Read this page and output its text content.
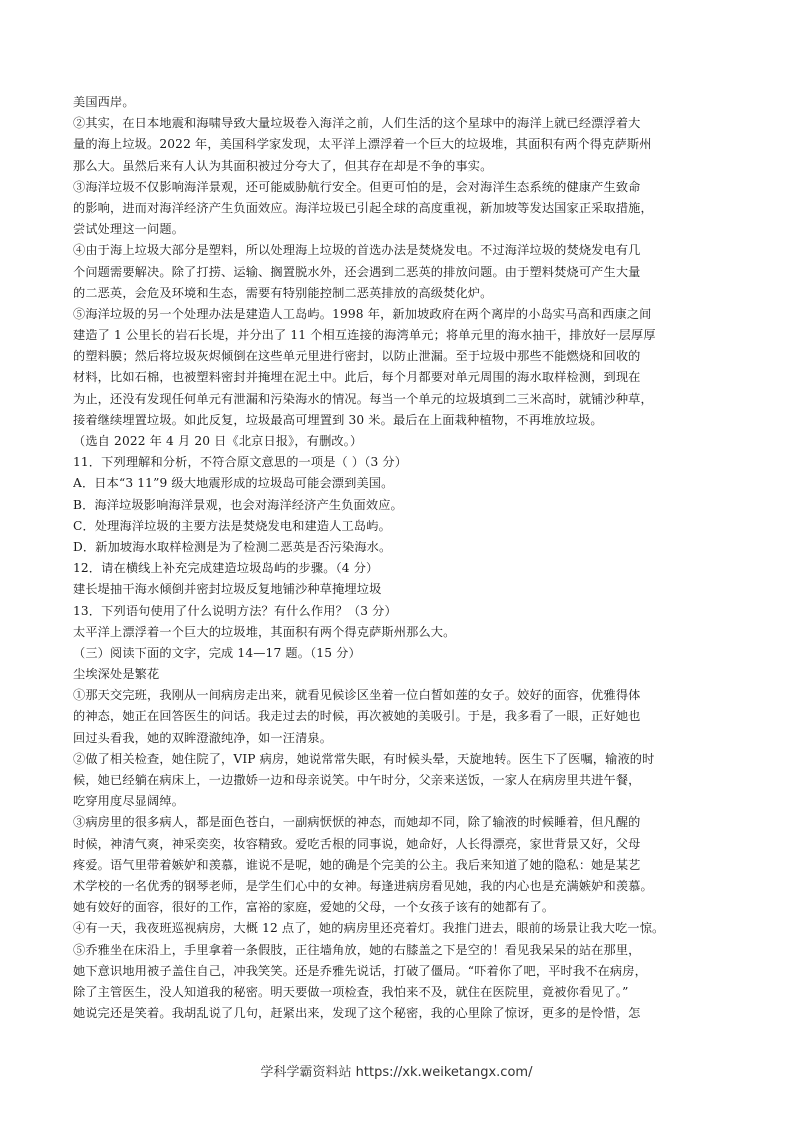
美国西岸。
②其实，在日本地震和海啸导致大量垃圾卷入海洋之前，人们生活的这个星球中的海洋上就已经漂浮着大
量的海上垃圾。2022 年，美国科学家发现，太平洋上漂浮着一个巨大的垃圾堆，其面积有两个得克萨斯州
那么大。虽然后来有人认为其面积被过分夸大了，但其存在却是不争的事实。
③海洋垃圾不仅影响海洋景观，还可能威胁航行安全。但更可怕的是，会对海洋生态系统的健康产生致命
的影响，进而对海洋经济产生负面效应。海洋垃圾已引起全球的高度重视，新加坡等发达国家正采取措施，
尝试处理这一问题。
④由于海上垃圾大部分是塑料，所以处理海上垃圾的首选办法是焚烧发电。不过海洋垃圾的焚烧发电有几
个问题需要解决。除了打捞、运输、搁置脱水外，还会遇到二恶英的排放问题。由于塑料焚烧可产生大量
的二恶英，会危及环境和生态，需要有特别能控制二恶英排放的高级焚化炉。
⑤海洋垃圾的另一个处理办法是建造人工岛屿。1998 年，新加坡政府在两个离岸的小岛实马高和西康之间
建造了 1 公里长的岩石长堤，并分出了 11 个相互连接的海湾单元；将单元里的海水抽干，排放好一层厚厚
的塑料膜；然后将垃圾灰烬倾倒在这些单元里进行密封，以防止泄漏。至于垃圾中那些不能燃烧和回收的
材料，比如石棉，也被塑料密封并掩埋在泥土中。此后，每个月都要对单元周围的海水取样检测，到现在
为止，还没有发现任何单元有泄漏和污染海水的情况。每当一个单元的垃圾填到二三米高时，就铺沙种草，
接着继续埋置垃圾。如此反复，垃圾最高可埋置到 30 米。最后在上面栽种植物，不再堆放垃圾。
（选自 2022 年 4 月 20 日《北京日报》，有删改。）
11．下列理解和分析，不符合原文意思的一项是（ ）（3 分）
A．日本“3 11”9 级大地震形成的垃圾岛可能会漂到美国。
B．海洋垃圾影响海洋景观，也会对海洋经济产生负面效应。
C．处理海洋垃圾的主要方法是焚烧发电和建造人工岛屿。
D．新加坡海水取样检测是为了检测二恶英是否污染海水。
12．请在横线上补充完成建造垃圾岛屿的步骤。（4 分）
建长堤抽干海水倾倒并密封垃圾反复地铺沙种草掩埋垃圾
13．下列语句使用了什么说明方法？有什么作用？（3 分）
太平洋上漂浮着一个巨大的垃圾堆，其面积有两个得克萨斯州那么大。
（三）阅读下面的文字，完成 14—17 题。（15 分）
尘埃深处是繁花
①那天交完班，我刚从一间病房走出来，就看见候诊区坐着一位白皙如莲的女子。姣好的面容，优雅得体
的神态，她正在回答医生的问话。我走过去的时候，再次被她的美吸引。于是，我多看了一眼，正好她也
回过头看我，她的双眸澄澈纯净，如一汪清泉。
②做了相关检查，她住院了，VIP 病房，她说常常失眠，有时候头晕，天旋地转。医生下了医嘱，输液的时
候，她已经躺在病床上，一边撒娇一边和母亲说笑。中午时分，父亲来送饭，一家人在病房里共进午餐，
吃穿用度尽显阔绰。
③病房里的很多病人，都是面色苍白，一副病恹恹的神态，而她却不同，除了输液的时候睡着，但凡醒的
时候，神清气爽，神采奕奕，妆容精致。爱吃舌根的同事说，她命好，人长得漂亮，家世背景又好，父母
疼爱。语气里带着嫉妒和羡慕，谁说不是呢，她的确是个完美的公主。我后来知道了她的隐私：她是某艺
术学校的一名优秀的钢琴老师，是学生们心中的女神。每逢进病房看见她，我的内心也是充满嫉妒和羡慕。
她有姣好的面容，很好的工作，富裕的家庭，爱她的父母，一个女孩子该有的她都有了。
④有一天，我夜班巡视病房，大概 12 点了，她的病房里还亮着灯。我推门进去，眼前的场景让我大吃一惊。
⑤乔雅坐在床沿上，手里拿着一条假肢，正往墙角放，她的右膝盖之下是空的！看见我呆呆的站在那里，
她下意识地用被子盖住自己，冲我笑笑。还是乔雅先说话，打破了僵局。“吓着你了吧，平时我不在病房，
除了主管医生，没人知道我的秘密。明天要做一项检查，我怕来不及，就住在医院里，竟被你看见了。”
她说完还是笑着。我胡乱说了几句，赶紧出来，发现了这个秘密，我的心里除了惊讶，更多的是怜惜，怎
学科学霸资料站 https://xk.weiketangx.com/
